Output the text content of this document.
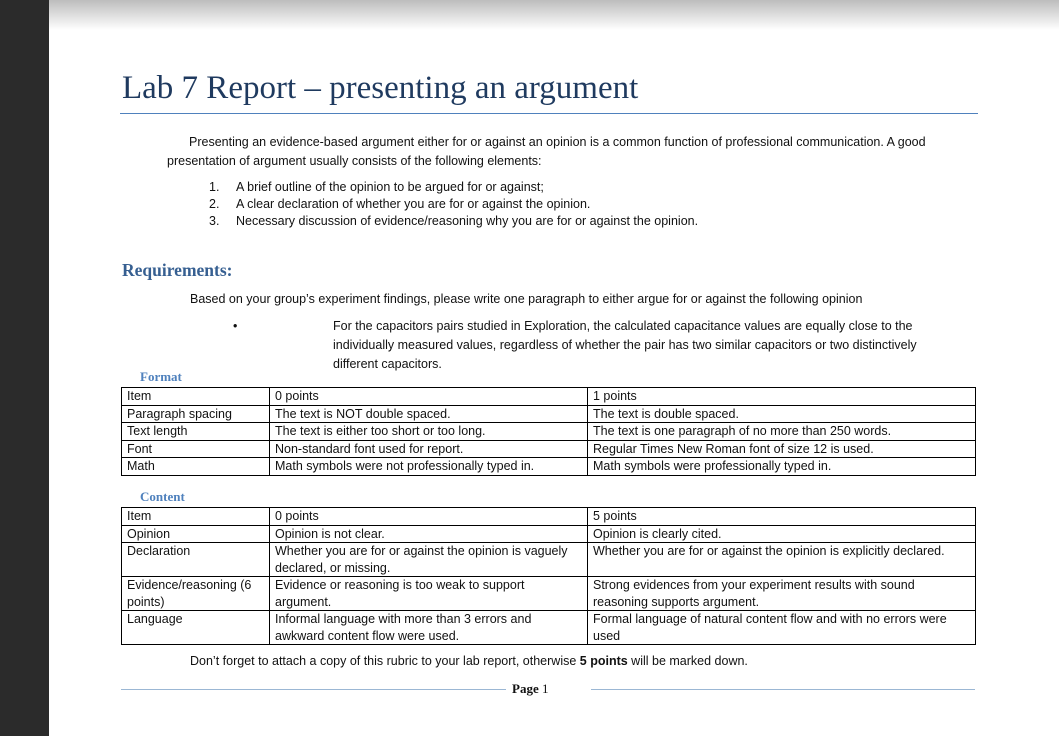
Lab 7 Report – presenting an argument
Presenting an evidence-based argument either for or against an opinion is a common function of professional communication. A good presentation of argument usually consists of the following elements:
1. A brief outline of the opinion to be argued for or against;
2. A clear declaration of whether you are for or against the opinion.
3. Necessary discussion of evidence/reasoning why you are for or against the opinion.
Requirements:
Based on your group’s experiment findings, please write one paragraph to either argue for or against the following opinion
•	For the capacitors pairs studied in Exploration, the calculated capacitance values are equally close to the individually measured values, regardless of whether the pair has two similar capacitors or two distinctively different capacitors.
Format
Item	0 points	1 points
Paragraph spacing	The text is NOT double spaced.	The text is double spaced.
Text length	The text is either too short or too long.	The text is one paragraph of no more than 250 words.
Font	Non-standard font used for report.	Regular Times New Roman font of size 12 is used.
Math	Math symbols were not professionally typed in.	Math symbols were professionally typed in.
Content
Item	0 points	5 points
Opinion	Opinion is not clear.	Opinion is clearly cited.
Declaration	Whether you are for or against the opinion is vaguely declared, or missing.	Whether you are for or against the opinion is explicitly declared.
Evidence/reasoning (6 points)	Evidence or reasoning is too weak to support argument.	Strong evidences from your experiment results with sound reasoning supports argument.
Language	Informal language with more than 3 errors and awkward content flow were used.	Formal language of natural content flow and with no errors were used
Don’t forget to attach a copy of this rubric to your lab report, otherwise 5 points will be marked down.
Page 1
